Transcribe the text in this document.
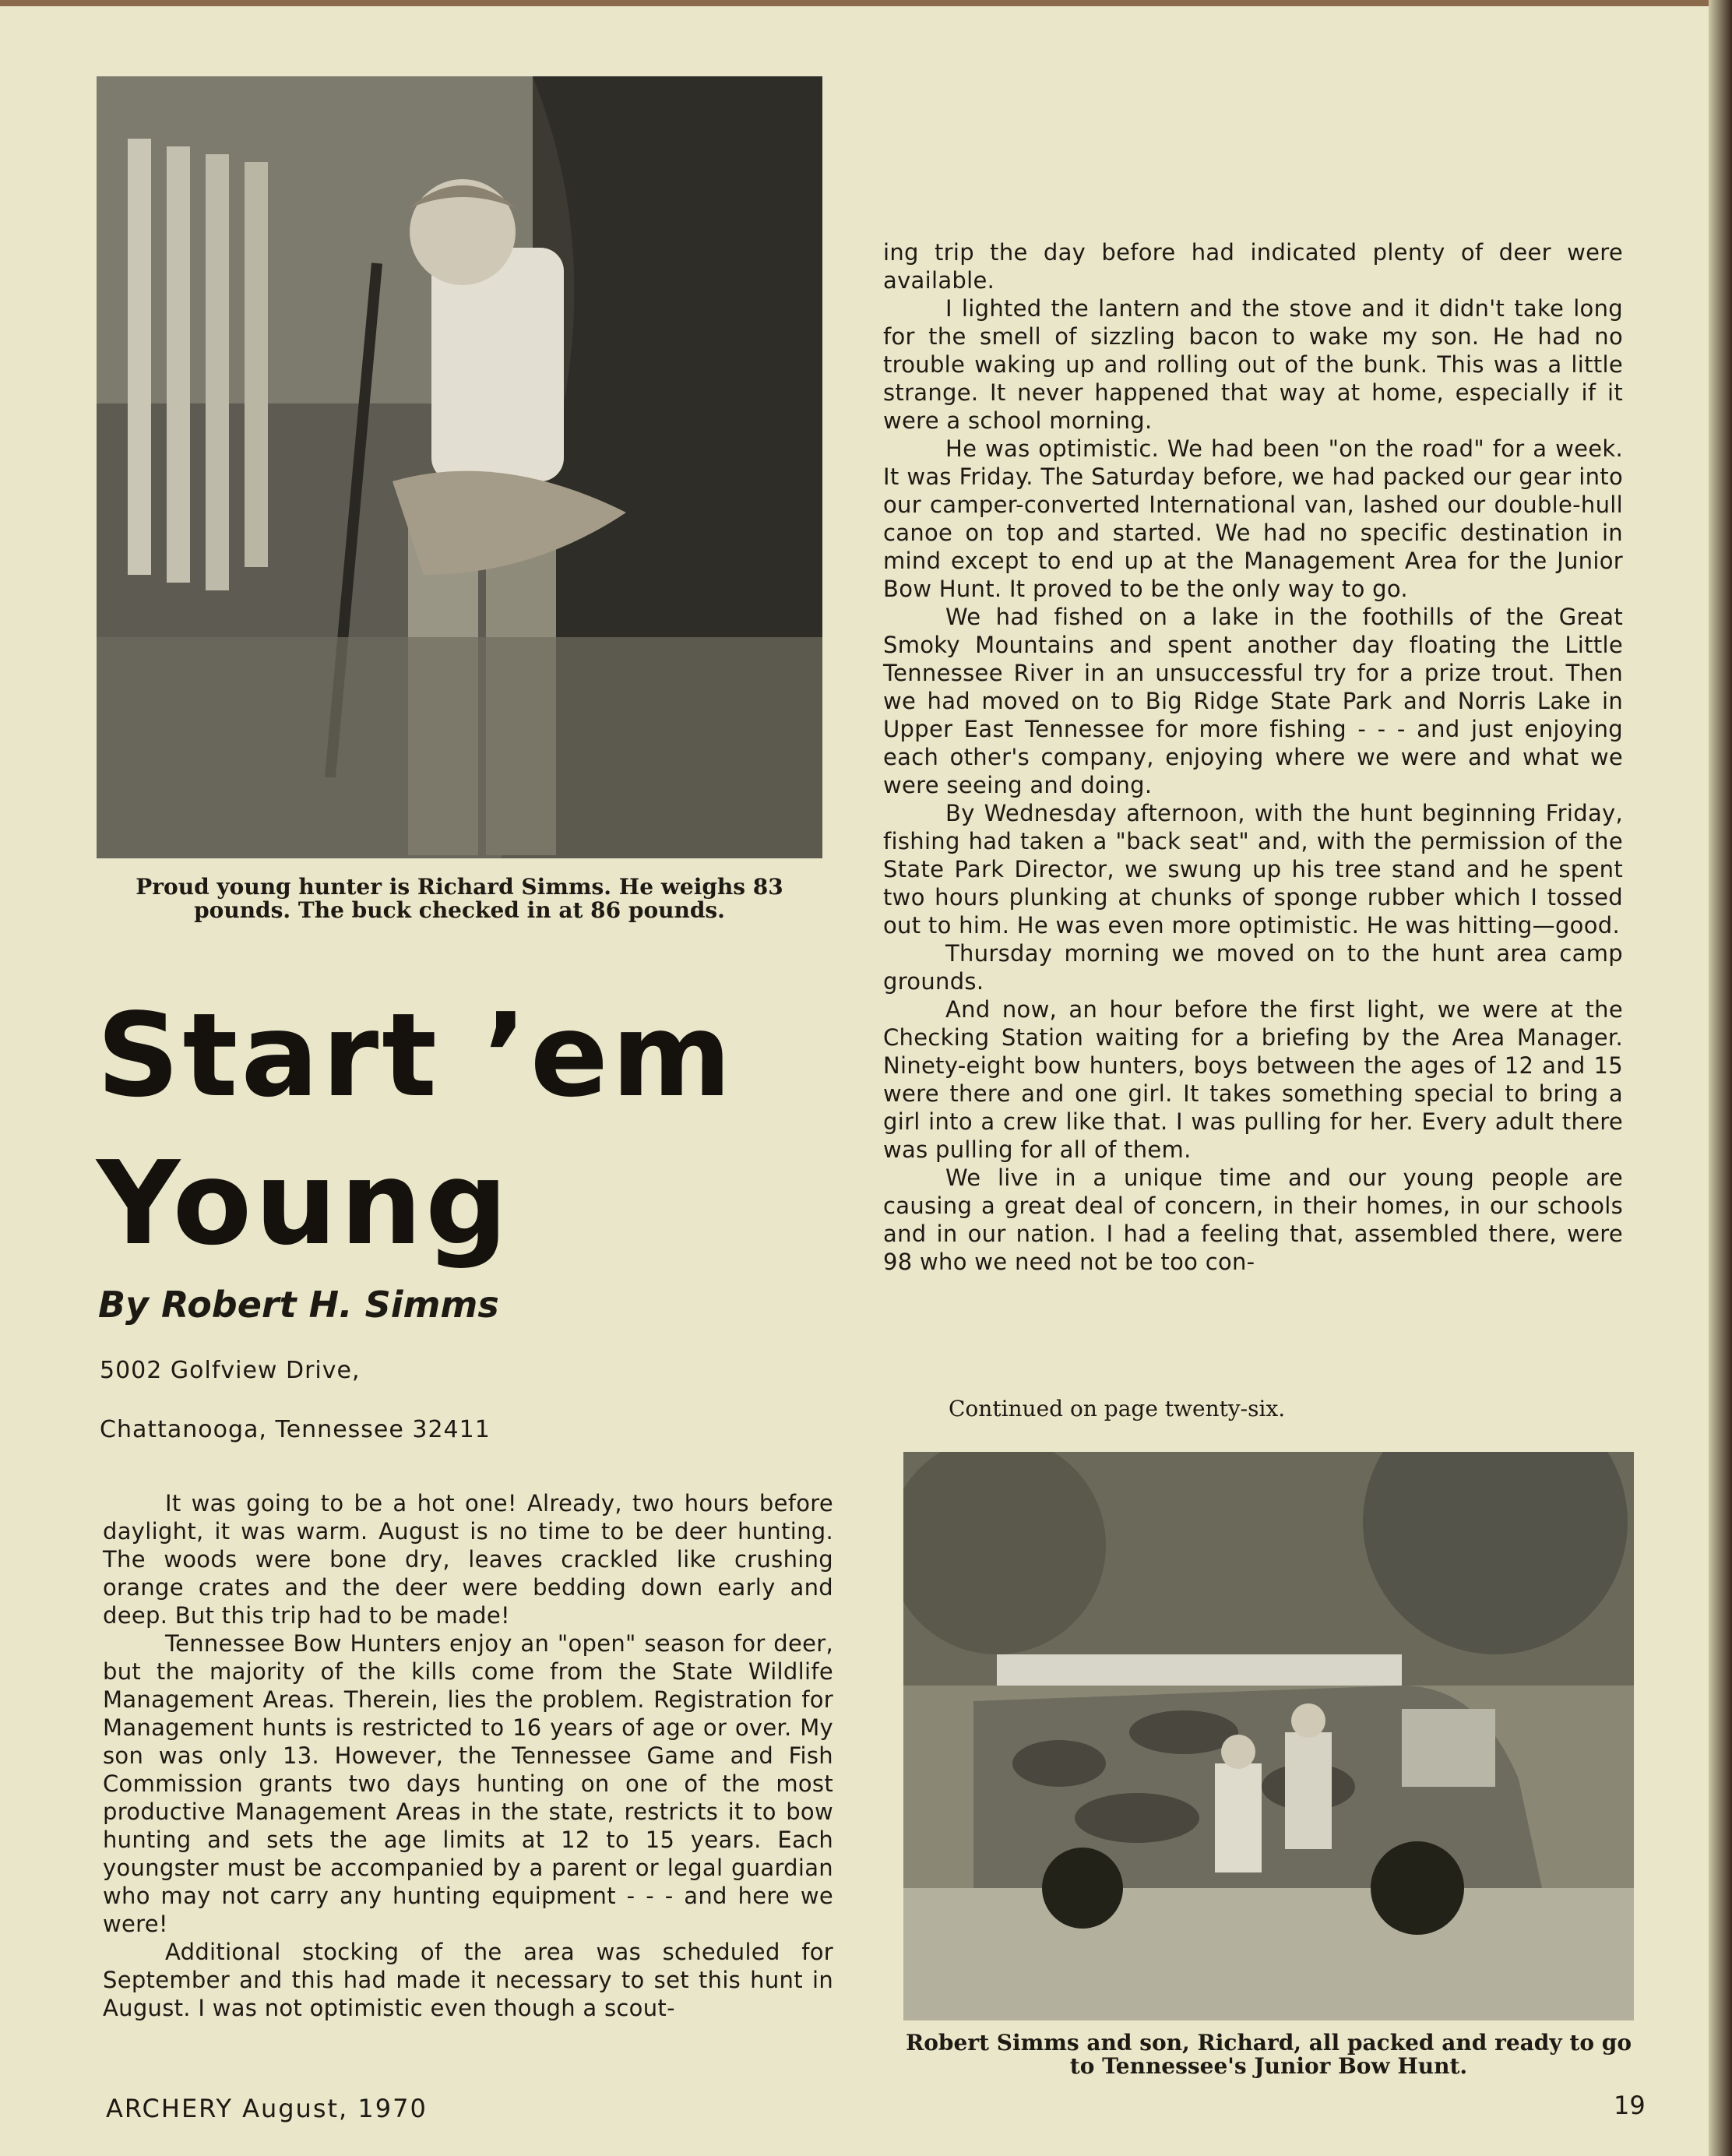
Proud young hunter is Richard Simms. He weighs 83 pounds. The buck checked in at 86 pounds.
Start ’em
Young
By Robert H. Simms
5002 Golfview Drive,
Chattanooga, Tennessee 32411

It was going to be a hot one! Already, two hours before daylight, it was warm. August is no time to be deer hunting. The woods were bone dry, leaves crackled like crushing orange crates and the deer were bedding down early and deep. But this trip had to be made!

Tennessee Bow Hunters enjoy an "open" season for deer, but the majority of the kills come from the State Wildlife Management Areas. Therein, lies the problem. Registration for Management hunts is restricted to 16 years of age or over. My son was only 13. However, the Tennessee Game and Fish Commission grants two days hunting on one of the most productive Management Areas in the state, restricts it to bow hunting and sets the age limits at 12 to 15 years. Each youngster must be accompanied by a parent or legal guardian who may not carry any hunting equipment - - - and here we were!

Additional stocking of the area was scheduled for September and this had made it necessary to set this hunt in August. I was not optimistic even though a scout-

ing trip the day before had indicated plenty of deer were available.

I lighted the lantern and the stove and it didn't take long for the smell of sizzling bacon to wake my son. He had no trouble waking up and rolling out of the bunk. This was a little strange. It never happened that way at home, especially if it were a school morning.

He was optimistic. We had been "on the road" for a week. It was Friday. The Saturday before, we had packed our gear into our camper-converted International van, lashed our double-hull canoe on top and started. We had no specific destination in mind except to end up at the Management Area for the Junior Bow Hunt. It proved to be the only way to go.

We had fished on a lake in the foothills of the Great Smoky Mountains and spent another day floating the Little Tennessee River in an unsuccessful try for a prize trout. Then we had moved on to Big Ridge State Park and Norris Lake in Upper East Tennessee for more fishing - - - and just enjoying each other's company, enjoying where we were and what we were seeing and doing.

By Wednesday afternoon, with the hunt beginning Friday, fishing had taken a "back seat" and, with the permission of the State Park Director, we swung up his tree stand and he spent two hours plunking at chunks of sponge rubber which I tossed out to him. He was even more optimistic. He was hitting—good.

Thursday morning we moved on to the hunt area camp grounds.

And now, an hour before the first light, we were at the Checking Station waiting for a briefing by the Area Manager. Ninety-eight bow hunters, boys between the ages of 12 and 15 were there and one girl. It takes something special to bring a girl into a crew like that. I was pulling for her. Every adult there was pulling for all of them.

We live in a unique time and our young people are causing a great deal of concern, in their homes, in our schools and in our nation. I had a feeling that, assembled there, were 98 who we need not be too con-

Continued on page twenty-six.
Robert Simms and son, Richard, all packed and ready to go to Tennessee's Junior Bow Hunt.
ARCHERY August, 1970	19
